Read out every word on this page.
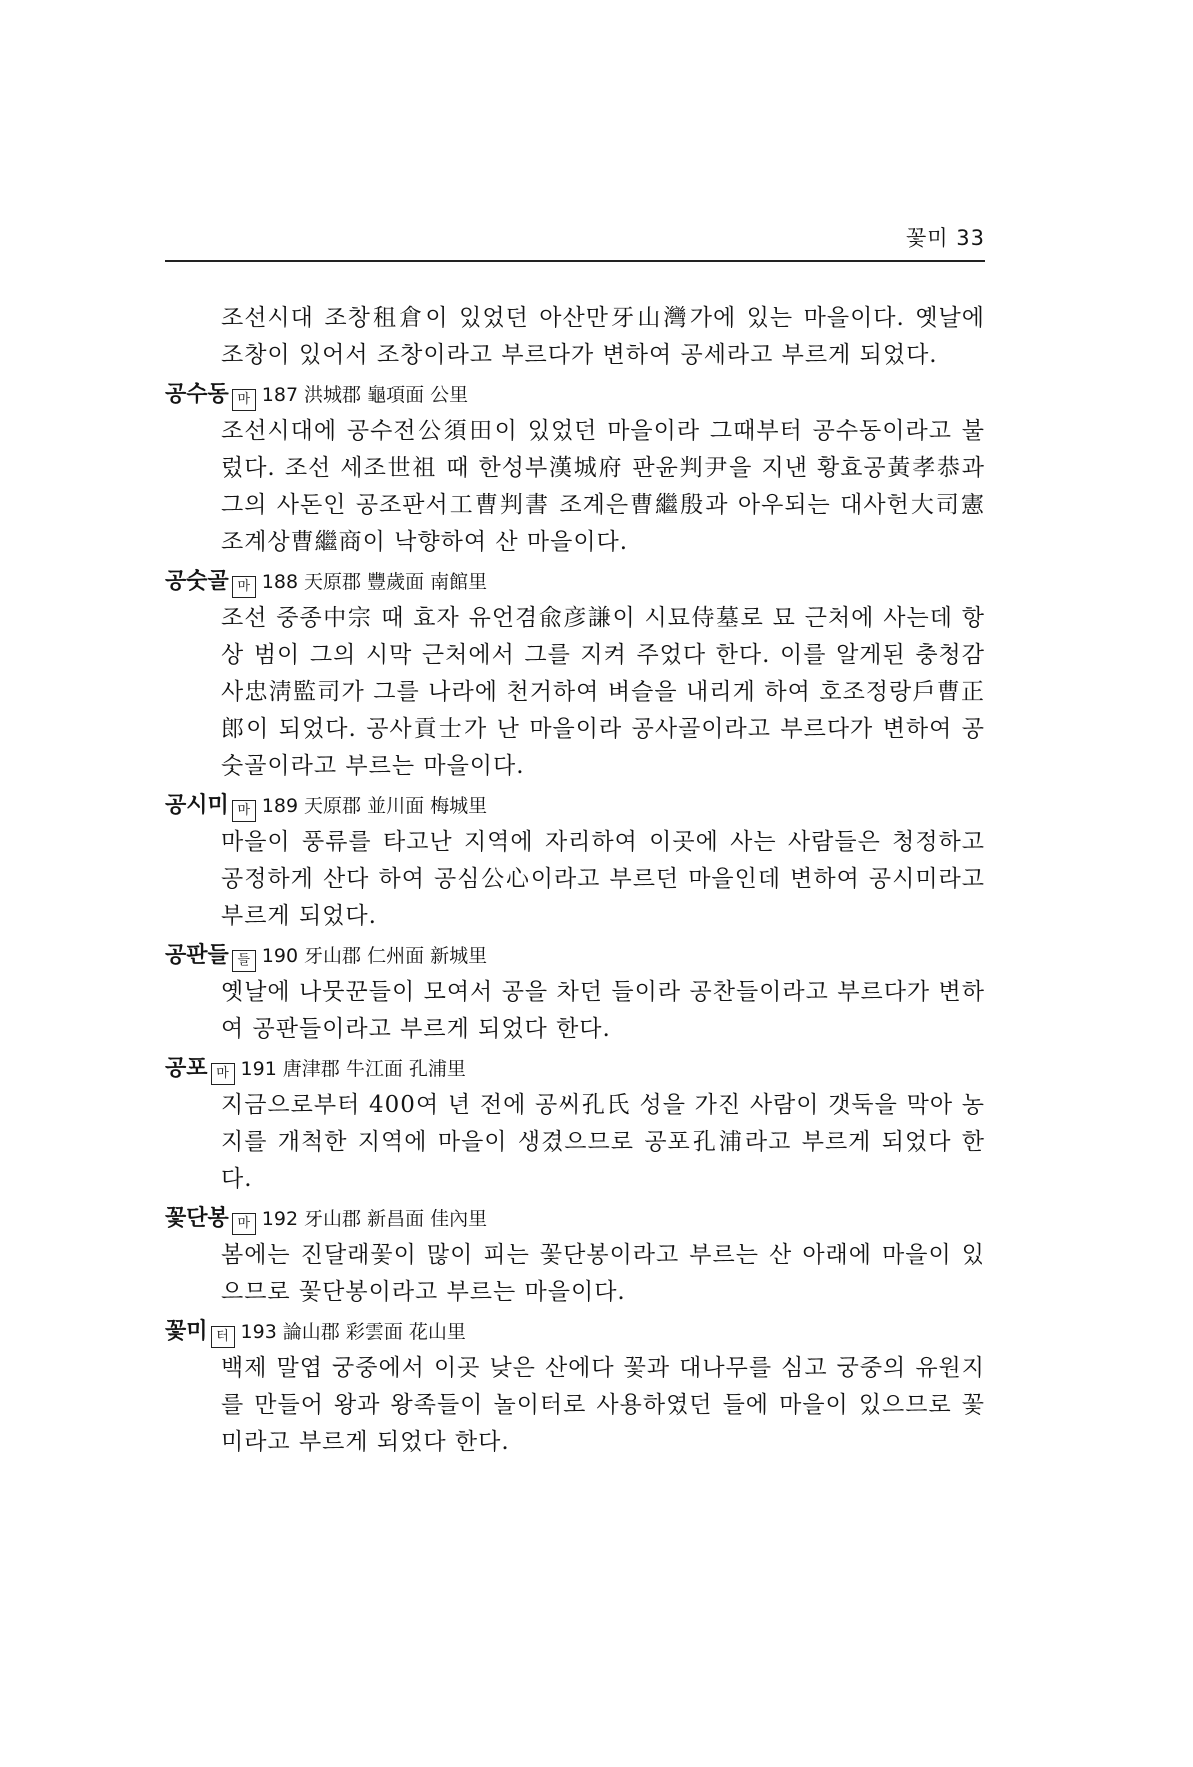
꽃미 33

조선시대 조창租倉이 있었던 아산만牙山灣가에 있는 마을이다. 옛날에 조창이 있어서 조창이라고 부르다가 변하여 공세라고 부르게 되었다.

공수동 마 187 洪城郡 龜項面 公里

조선시대에 공수전公須田이 있었던 마을이라 그때부터 공수동이라고 불렀다. 조선 세조世祖 때 한성부漢城府 판윤判尹을 지낸 황효공黃孝恭과 그의 사돈인 공조판서工曹判書 조계은曹繼殷과 아우되는 대사헌大司憲 조계상曹繼商이 낙향하여 산 마을이다.

공숫골 마 188 天原郡 豐歲面 南館里

조선 중종中宗 때 효자 유언겸兪彦謙이 시묘侍墓로 묘 근처에 사는데 항상 범이 그의 시막 근처에서 그를 지켜 주었다 한다. 이를 알게된 충청감사忠淸監司가 그를 나라에 천거하여 벼슬을 내리게 하여 호조정랑戶曹正郎이 되었다. 공사貢士가 난 마을이라 공사골이라고 부르다가 변하여 공숫골이라고 부르는 마을이다.

공시미 마 189 天原郡 並川面 梅城里

마을이 풍류를 타고난 지역에 자리하여 이곳에 사는 사람들은 청정하고 공정하게 산다 하여 공심公心이라고 부르던 마을인데 변하여 공시미라고 부르게 되었다.

공판들 들 190 牙山郡 仁州面 新城里

옛날에 나뭇꾼들이 모여서 공을 차던 들이라 공찬들이라고 부르다가 변하여 공판들이라고 부르게 되었다 한다.

공포 마 191 唐津郡 牛江面 孔浦里

지금으로부터 400여 년 전에 공씨孔氏 성을 가진 사람이 갯둑을 막아 농지를 개척한 지역에 마을이 생겼으므로 공포孔浦라고 부르게 되었다 한다.

꽃단봉 마 192 牙山郡 新昌面 佳內里

봄에는 진달래꽃이 많이 피는 꽃단봉이라고 부르는 산 아래에 마을이 있으므로 꽃단봉이라고 부르는 마을이다.

꽃미 터 193 論山郡 彩雲面 花山里

백제 말엽 궁중에서 이곳 낮은 산에다 꽃과 대나무를 심고 궁중의 유원지를 만들어 왕과 왕족들이 놀이터로 사용하였던 들에 마을이 있으므로 꽃미라고 부르게 되었다 한다.
